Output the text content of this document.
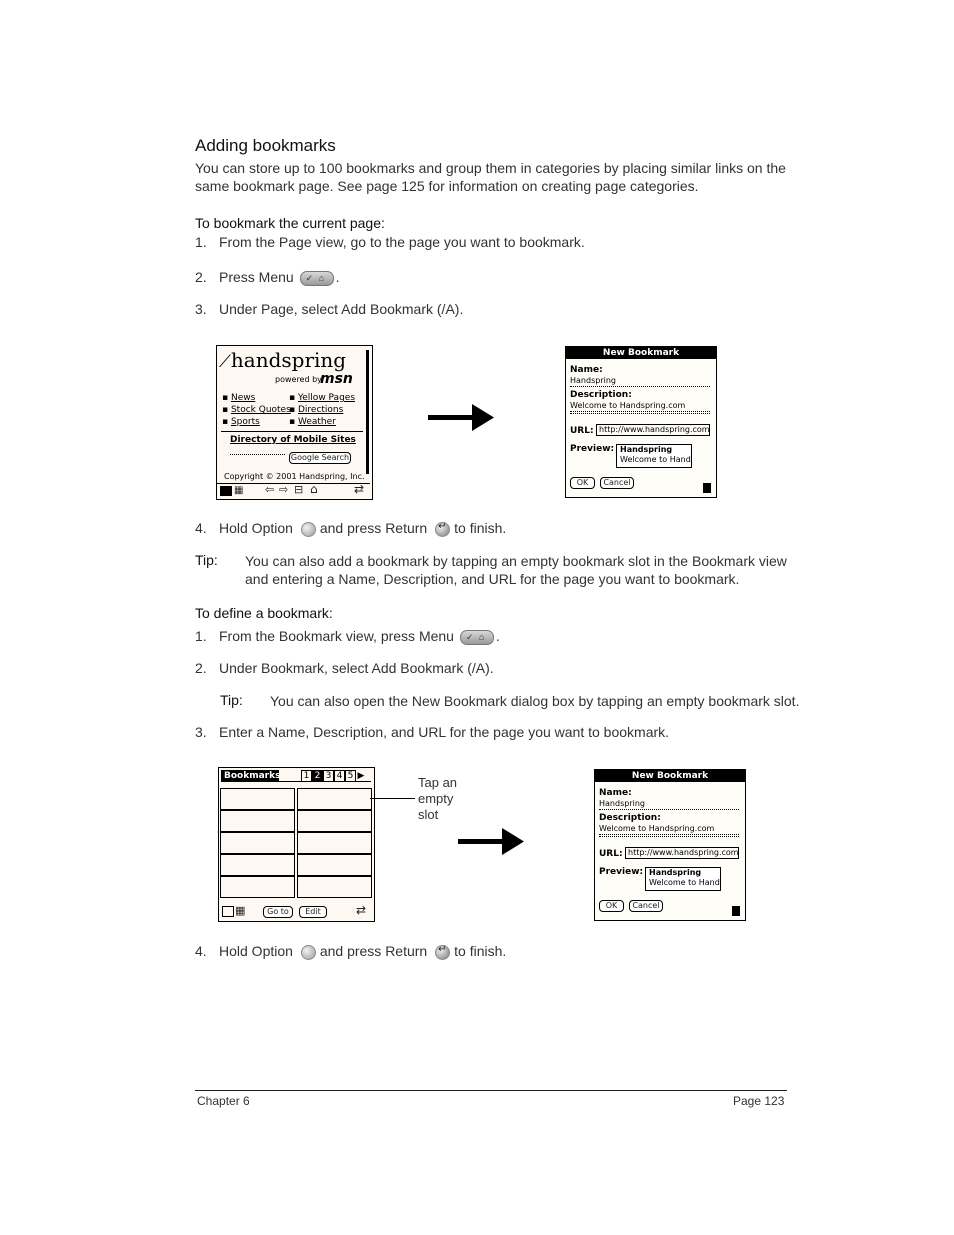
Adding bookmarks
You can store up to 100 bookmarks and group them in categories by placing similar links on the same bookmark page. See page 125 for information on creating page categories.
To bookmark the current page:
1. From the Page view, go to the page you want to bookmark.
2. Press Menu ✓ ⌂ .
3. Under Page, select Add Bookmark (/A).
⟋handspring
powered by
msn
▪ News
▪ Stock Quotes
▪ Sports
▪ Yellow Pages
▪ Directions
▪ Weather
Directory of Mobile Sites
Google Search
Copyright © 2001 Handspring, Inc.
▦ ⇦ ⇨ ⊟ ⌂	⇄
New Bookmark
Name:
Handspring
Description:
Welcome to Handspring.com
URL: http://www.handspring.com
Preview: Handspring
Welcome to Hand
OK	Cancel
4. Hold Option and press Return ↵ to finish.
Tip: You can also add a bookmark by tapping an empty bookmark slot in the Bookmark view and entering a Name, Description, and URL for the page you want to bookmark.
To define a bookmark:
1. From the Bookmark view, press Menu ✓ ⌂ .
2. Under Bookmark, select Add Bookmark (/A).
Tip: You can also open the New Bookmark dialog box by tapping an empty bookmark slot.
3. Enter a Name, Description, and URL for the page you want to bookmark.
Bookmarks	1 2 3 4 5 ▶
▦	Go to	Edit	⇄
Tap an empty slot
New Bookmark
Name:
Handspring
Description:
Welcome to Handspring.com
URL: http://www.handspring.com
Preview: Handspring
Welcome to Hand
OK	Cancel
4. Hold Option and press Return ↵ to finish.
Chapter 6	Page 123
